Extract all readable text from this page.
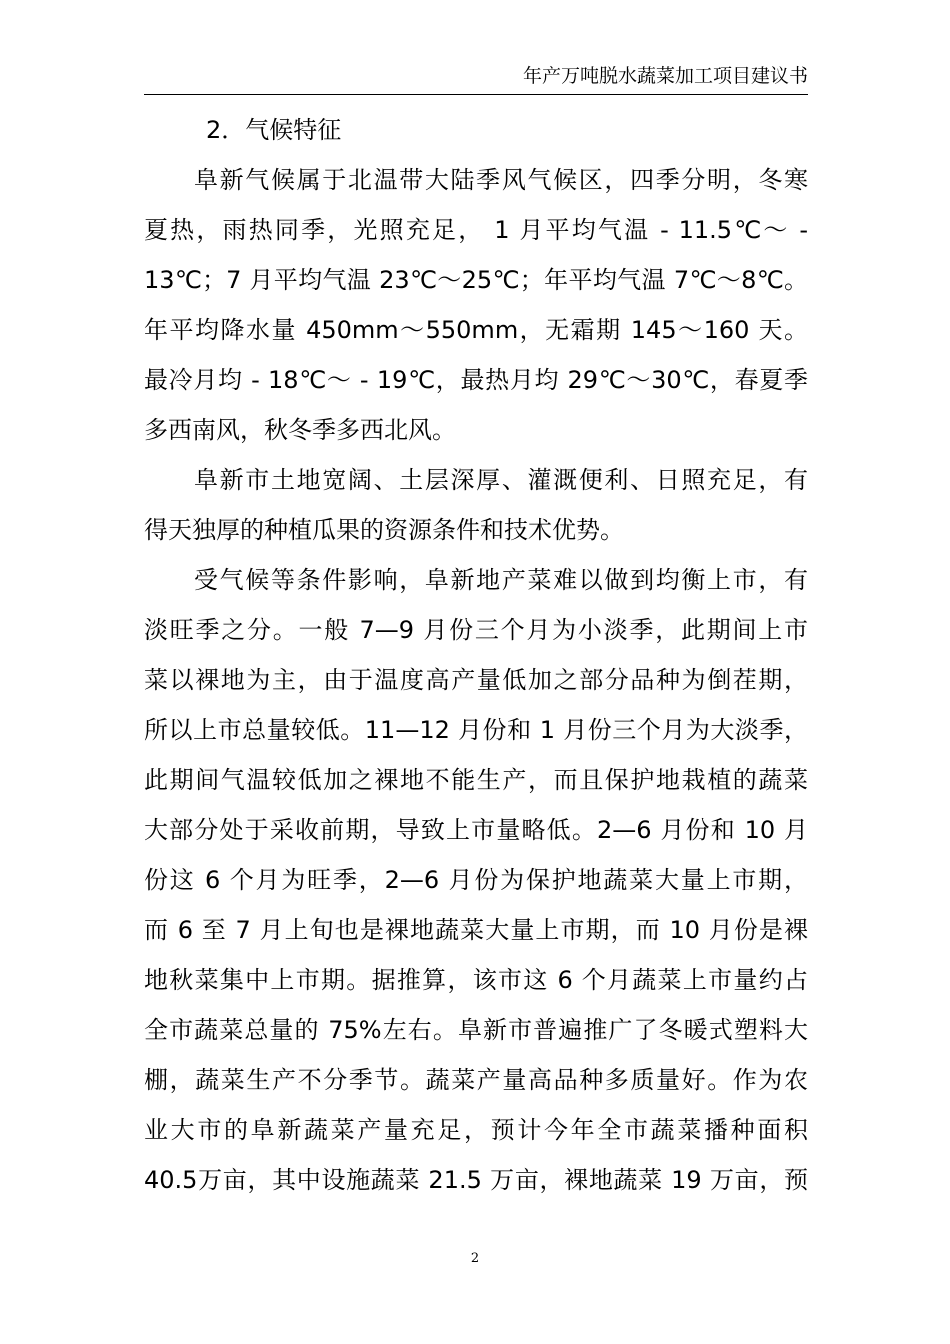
年产万吨脱水蔬菜加工项目建议书
2．气候特征
阜新气候属于北温带大陆季风气候区，四季分明，冬寒
夏热，雨热同季，光照充足， 1 月平均气温 - 11.5℃～ -
13℃；7 月平均气温 23℃～25℃；年平均气温 7℃～8℃。
年平均降水量 450mm～550mm，无霜期 145～160 天。
最冷月均 - 18℃～ - 19℃，最热月均 29℃～30℃，春夏季
多西南风，秋冬季多西北风。
阜新市土地宽阔、土层深厚、灌溉便利、日照充足，有
得天独厚的种植瓜果的资源条件和技术优势。
受气候等条件影响，阜新地产菜难以做到均衡上市，有
淡旺季之分。一般 7—9 月份三个月为小淡季，此期间上市
菜以裸地为主，由于温度高产量低加之部分品种为倒茬期，
所以上市总量较低。11—12 月份和 1 月份三个月为大淡季，
此期间气温较低加之裸地不能生产，而且保护地栽植的蔬菜
大部分处于采收前期，导致上市量略低。2—6 月份和 10 月
份这 6 个月为旺季，2—6 月份为保护地蔬菜大量上市期，
而 6 至 7 月上旬也是裸地蔬菜大量上市期，而 10 月份是裸
地秋菜集中上市期。据推算，该市这 6 个月蔬菜上市量约占
全市蔬菜总量的 75%左右。阜新市普遍推广了冬暖式塑料大
棚，蔬菜生产不分季节。蔬菜产量高品种多质量好。作为农
业大市的阜新蔬菜产量充足，预计今年全市蔬菜播种面积
40.5万亩，其中设施蔬菜 21.5 万亩，裸地蔬菜 19 万亩，预
2
